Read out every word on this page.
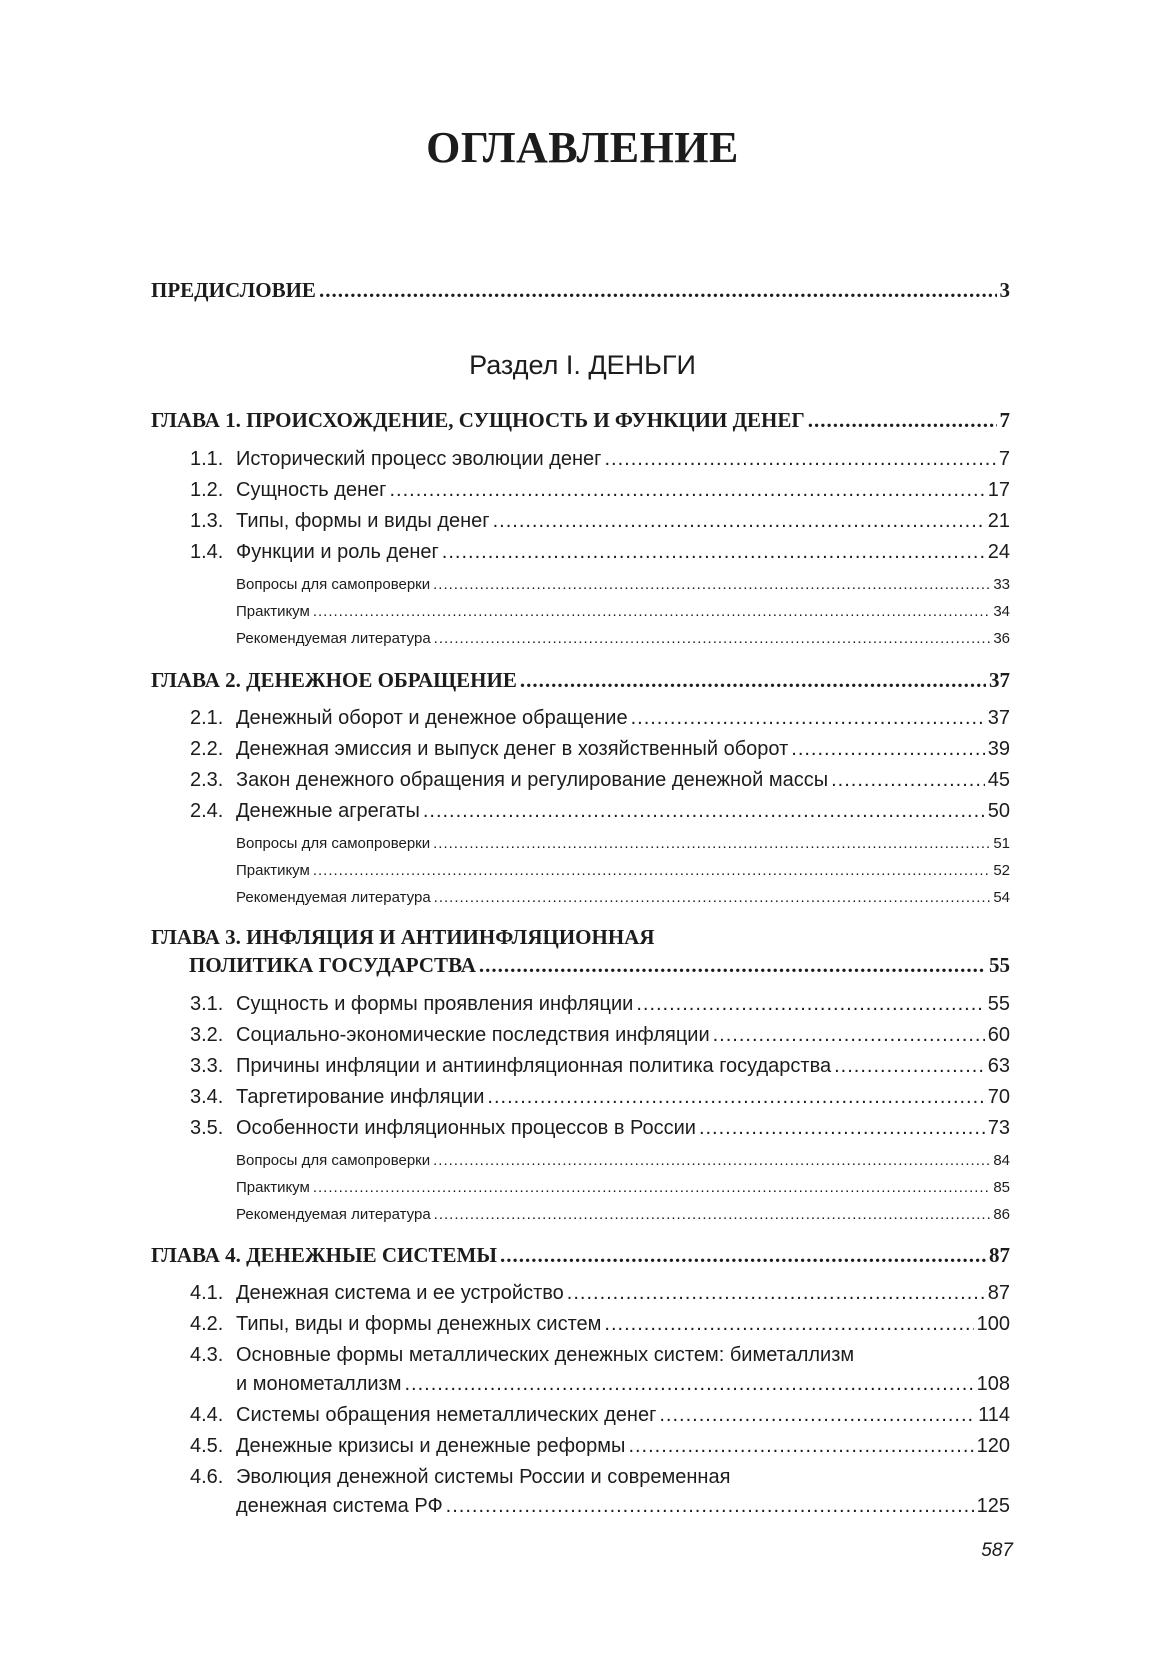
ОГЛАВЛЕНИЕ
ПРЕДИСЛОВИЕ .....	3
Раздел I. ДЕНЬГИ
ГЛАВА 1. ПРОИСХОЖДЕНИЕ, СУЩНОСТЬ И ФУНКЦИИ ДЕНЕГ .....	7
1.1. Исторический процесс эволюции денег .....	7
1.2. Сущность денег .....	17
1.3. Типы, формы и виды денег .....	21
1.4. Функции и роль денег .....	24
Вопросы для самопроверки .....	33
Практикум .....	34
Рекомендуемая литература .....	36
ГЛАВА 2. ДЕНЕЖНОЕ ОБРАЩЕНИЕ .....	37
2.1. Денежный оборот и денежное обращение .....	37
2.2. Денежная эмиссия и выпуск денег в хозяйственный оборот .....	39
2.3. Закон денежного обращения и регулирование денежной массы .....	45
2.4. Денежные агрегаты .....	50
Вопросы для самопроверки .....	51
Практикум .....	52
Рекомендуемая литература .....	54
ГЛАВА 3. ИНФЛЯЦИЯ И АНТИИНФЛЯЦИОННАЯ
ПОЛИТИКА ГОСУДАРСТВА .....	55
3.1. Сущность и формы проявления инфляции .....	55
3.2. Социально-экономические последствия инфляции .....	60
3.3. Причины инфляции и антиинфляционная политика государства .....	63
3.4. Таргетирование инфляции .....	70
3.5. Особенности инфляционных процессов в России .....	73
Вопросы для самопроверки .....	84
Практикум .....	85
Рекомендуемая литература .....	86
ГЛАВА 4. ДЕНЕЖНЫЕ СИСТЕМЫ .....	87
4.1. Денежная система и ее устройство .....	87
4.2. Типы, виды и формы денежных систем .....	100
4.3. Основные формы металлических денежных систем: биметаллизм
и монометаллизм .....	108
4.4. Системы обращения неметаллических денег .....	114
4.5. Денежные кризисы и денежные реформы .....	120
4.6. Эволюция денежной системы России и современная
денежная система РФ .....	125
587
